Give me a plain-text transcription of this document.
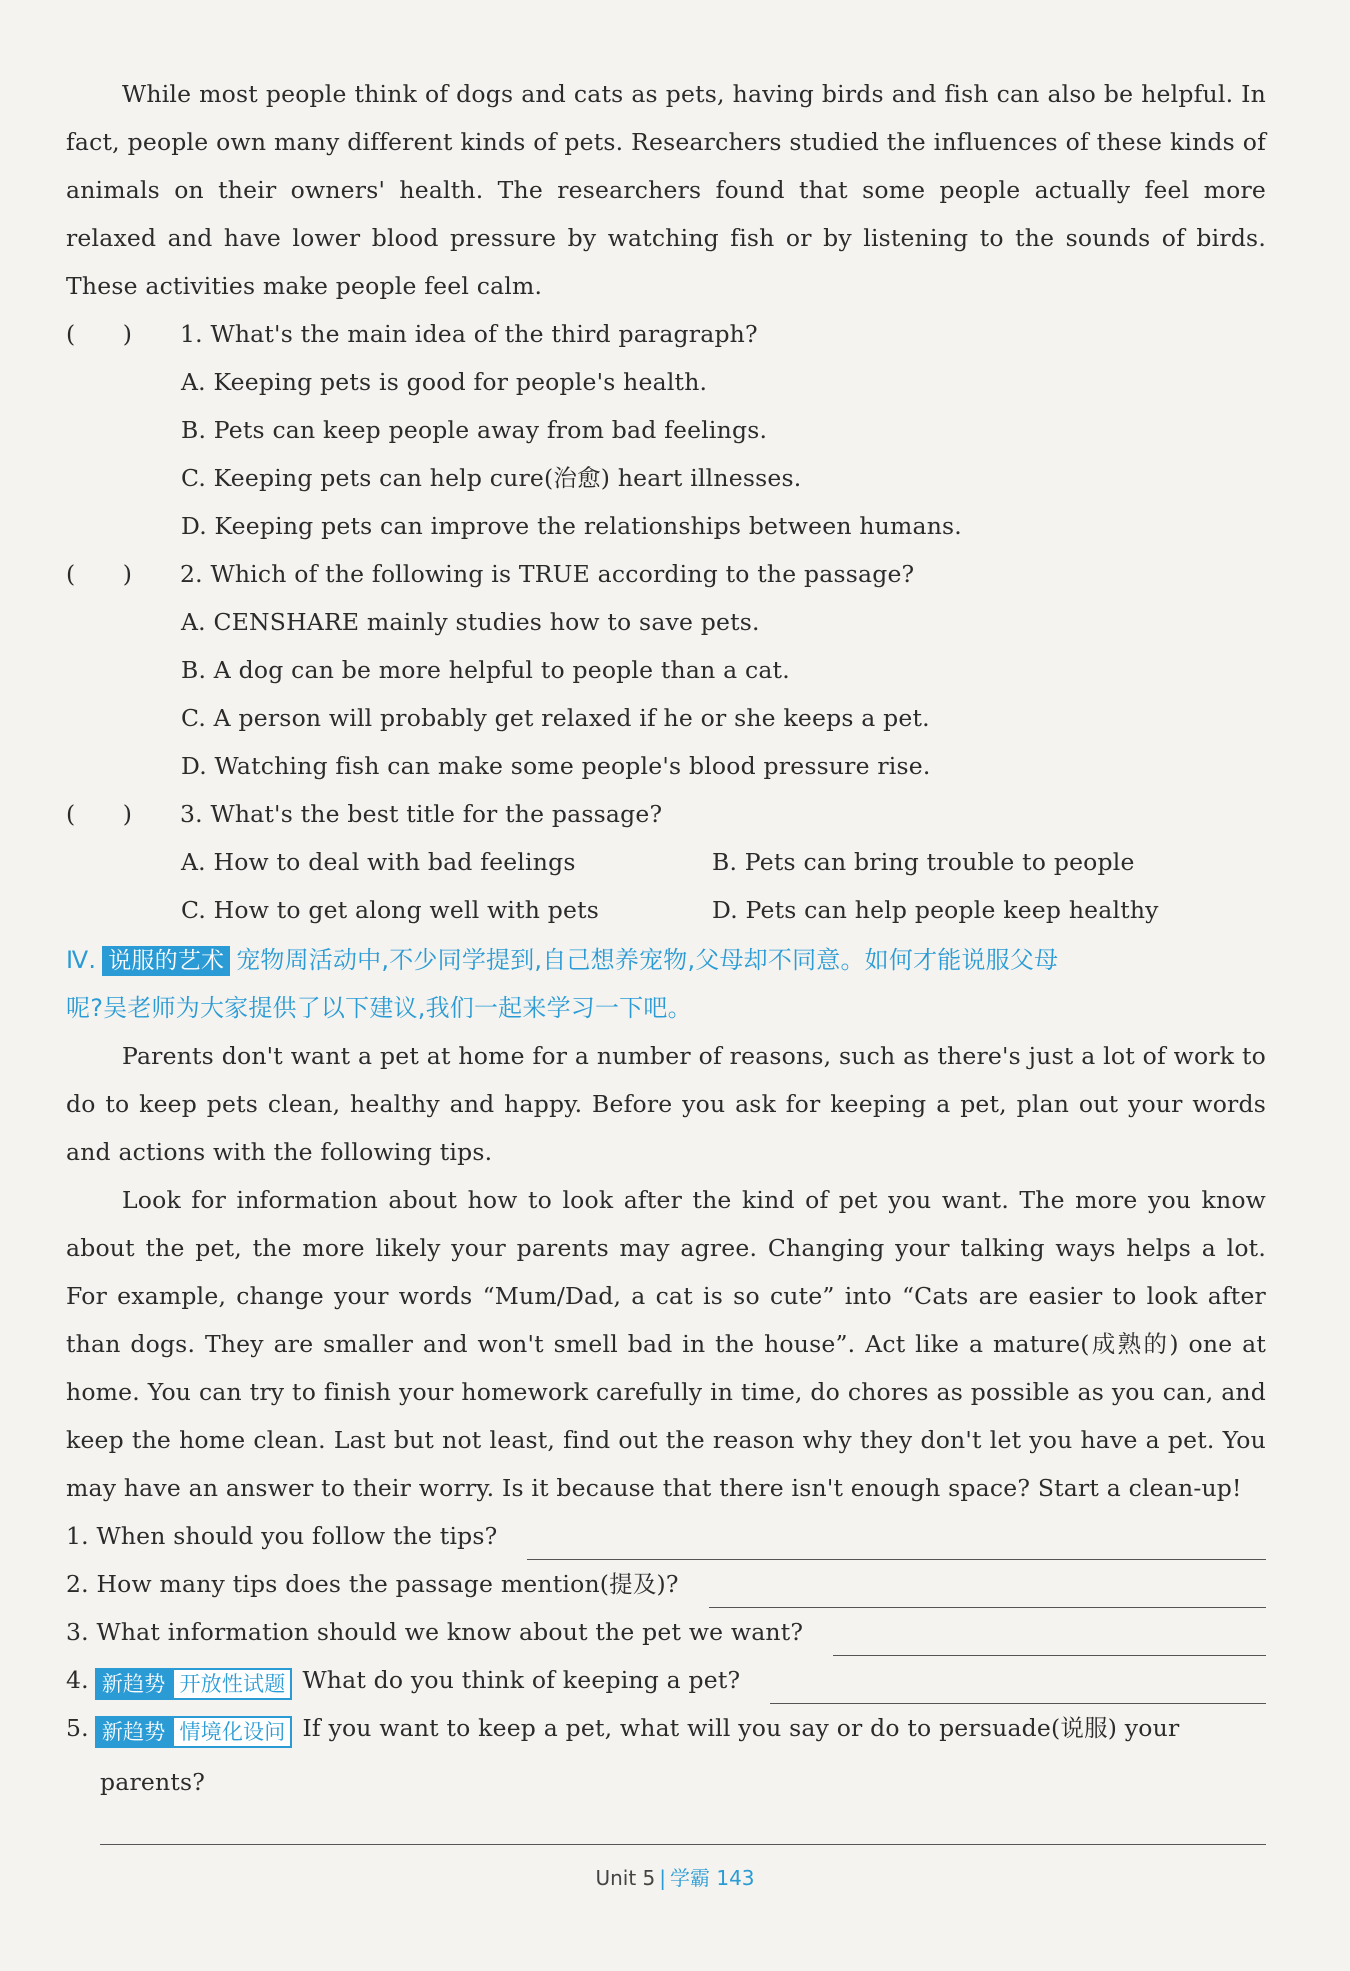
While most people think of dogs and cats as pets, having birds and fish can also be helpful. In fact, people own many different kinds of pets. Researchers studied the influences of these kinds of animals on their owners' health. The researchers found that some people actually feel more relaxed and have lower blood pressure by watching fish or by listening to the sounds of birds. These activities make people feel calm.

(　　)	1. What's the main idea of the third paragraph?

A. Keeping pets is good for people's health.

B. Pets can keep people away from bad feelings.

C. Keeping pets can help cure(治愈) heart illnesses.

D. Keeping pets can improve the relationships between humans.

(　　)	2. Which of the following is TRUE according to the passage?

A. CENSHARE mainly studies how to save pets.

B. A dog can be more helpful to people than a cat.

C. A person will probably get relaxed if he or she keeps a pet.

D. Watching fish can make some people's blood pressure rise.

(　　)	3. What's the best title for the passage?
A. How to deal with bad feelings	B. Pets can bring trouble to people
C. How to get along well with pets	D. Pets can help people keep healthy
Ⅳ. 说服的艺术 宠物周活动中,不少同学提到,自己想养宠物,父母却不同意。如何才能说服父母
呢?吴老师为大家提供了以下建议,我们一起来学习一下吧。

Parents don't want a pet at home for a number of reasons, such as there's just a lot of work to do to keep pets clean, healthy and happy. Before you ask for keeping a pet, plan out your words and actions with the following tips.

Look for information about how to look after the kind of pet you want. The more you know about the pet, the more likely your parents may agree. Changing your talking ways helps a lot. For example, change your words “Mum/Dad, a cat is so cute” into “Cats are easier to look after than dogs. They are smaller and won't smell bad in the house”. Act like a mature(成熟的) one at home. You can try to finish your homework carefully in time, do chores as possible as you can, and keep the home clean. Last but not least, find out the reason why they don't let you have a pet. You may have an answer to their worry. Is it because that there isn't enough space? Start a clean-up!

1. When should you follow the tips?
2. How many tips does the passage mention(提及)?
3. What information should we know about the pet we want?
4. 新趋势 开放性试题 What do you think of keeping a pet?
5. 新趋势 情境化设问 If you want to keep a pet, what will you say or do to persuade(说服) your

parents?

Unit 5 | 学霸 143
